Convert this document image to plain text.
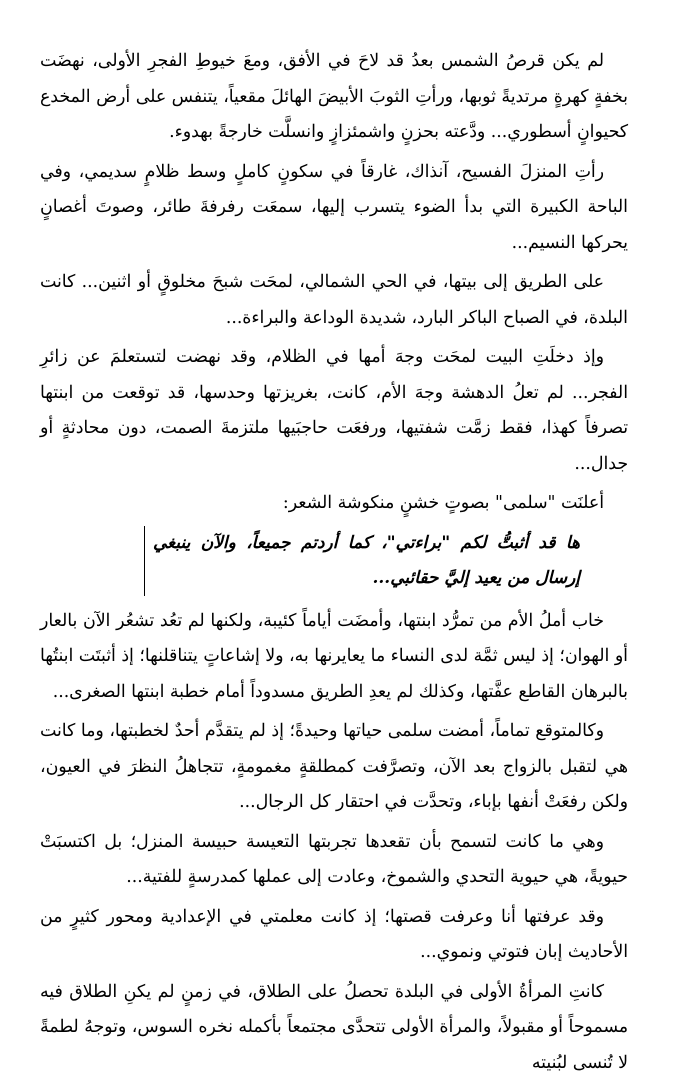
لم يكن قرصُ الشمس بعدُ قد لاحَ في الأفق، ومعَ خيوطِ الفجرِ الأولى، نهضَت بخفةٍ كهرةٍ مرتديةً ثوبها، ورأتِ الثوبَ الأبيضَ الهائلَ مقعياً، يتنفس على أرض المخدع كحيوانٍ أسطوري... ودَّعته بحزنٍ واشمئزازٍ وانسلَّت خارجةً بهدوء.

رأتِ المنزلَ الفسيح، آنذاك، غارقاً في سكونٍ كاملٍ وسط ظلامٍ سديمي، وفي الباحة الكبيرة التي بدأ الضوء يتسرب إليها، سمعَت رفرفةَ طائر، وصوتَ أغصانٍ يحركها النسيم...

على الطريق إلى بيتها، في الحي الشمالي، لمحَت شبحَ مخلوقٍ أو اثنين... كانت البلدة، في الصباح الباكر البارد، شديدة الوداعة والبراءة...

وإذ دخلَتِ البيت لمحَت وجهَ أمها في الظلام، وقد نهضت لتستعلمَ عن زائرِ الفجر... لم تعلُ الدهشة وجهَ الأم، كانت، بغريزتها وحدسها، قد توقعت من ابنتها تصرفاً كهذا، فقط زمَّت شفتيها، ورفعَت حاجبَيها ملتزمةَ الصمت، دون محادثةٍ أو جدال...

أعلنَت "سلمى" بصوتٍ خشنٍ منكوشة الشعر:

ها قد أثبتُّ لكم "براءتي"، كما أردتم جميعاً، والآن ينبغي إرسال من يعيد إليَّ حقائبي...

خاب أملُ الأم من تمرُّد ابنتها، وأمضَت أياماً كئيبة، ولكنها لم تعُد تشعُر الآن بالعار أو الهوان؛ إذ ليس ثمَّة لدى النساء ما يعايرنها به، ولا إشاعاتٍ يتناقلنها؛ إذ أثبتَت ابنتُها بالبرهان القاطع عفَّتها، وكذلك لم يعدِ الطريق مسدوداً أمام خطبة ابنتها الصغرى...

وكالمتوقع تماماً، أمضت سلمى حياتها وحيدةً؛ إذ لم يتقدَّم أحدٌ لخطبتها، وما كانت هي لتقبل بالزواج بعد الآن، وتصرَّفت كمطلقةٍ مغمومةٍ، تتجاهلُ النظرَ في العيون، ولكن رفعَتْ أنفها بإباء، وتحدَّت في احتقار كل الرجال...

وهي ما كانت لتسمح بأن تقعدها تجربتها التعيسة حبيسة المنزل؛ بل اكتسبَتْ حيويةً، هي حيوية التحدي والشموخ، وعادت إلى عملها كمدرسةٍ للفتية...

وقد عرفتها أنا وعرفت قصتها؛ إذ كانت معلمتي في الإعدادية ومحور كثيرٍ من الأحاديث إبان فتوتي ونموي...

كانتِ المرأةُ الأولى في البلدة تحصلُ على الطلاق، في زمنٍ لم يكنِ الطلاق فيه مسموحاً أو مقبولاً، والمرأة الأولى تتحدَّى مجتمعاً بأكمله نخره السوس، وتوجهُ لطمةً لا تُنسى لبُنيته
